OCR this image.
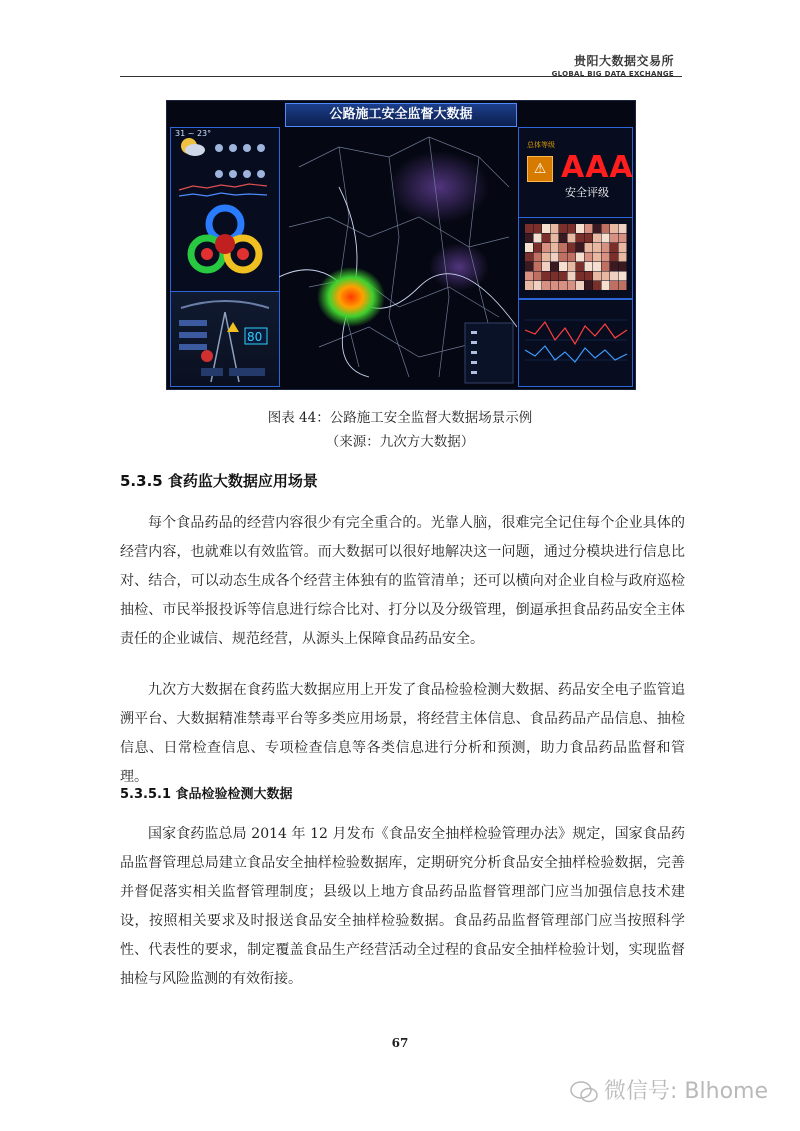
贵阳大数据交易所
GLOBAL BIG DATA EXCHANGE
公路施工安全监督大数据
31 ~ 23°
80
总体等级
⚠ AAA
安全评级
图表 44：公路施工安全监督大数据场景示例
（来源：九次方大数据）
5.3.5 食药监大数据应用场景
每个食品药品的经营内容很少有完全重合的。光靠人脑，很难完全记住每个企业具体的经营内容，也就难以有效监管。而大数据可以很好地解决这一问题，通过分模块进行信息比对、结合，可以动态生成各个经营主体独有的监管清单；还可以横向对企业自检与政府巡检抽检、市民举报投诉等信息进行综合比对、打分以及分级管理，倒逼承担食品药品安全主体责任的企业诚信、规范经营，从源头上保障食品药品安全。
九次方大数据在食药监大数据应用上开发了食品检验检测大数据、药品安全电子监管追溯平台、大数据精准禁毒平台等多类应用场景，将经营主体信息、食品药品产品信息、抽检信息、日常检查信息、专项检查信息等各类信息进行分析和预测，助力食品药品监督和管理。
5.3.5.1 食品检验检测大数据
国家食药监总局 2014 年 12 月发布《食品安全抽样检验管理办法》规定，国家食品药品监督管理总局建立食品安全抽样检验数据库，定期研究分析食品安全抽样检验数据，完善并督促落实相关监督管理制度；县级以上地方食品药品监督管理部门应当加强信息技术建设，按照相关要求及时报送食品安全抽样检验数据。食品药品监督管理部门应当按照科学性、代表性的要求，制定覆盖食品生产经营活动全过程的食品安全抽样检验计划，实现监督抽检与风险监测的有效衔接。
67
微信号: Blhome
